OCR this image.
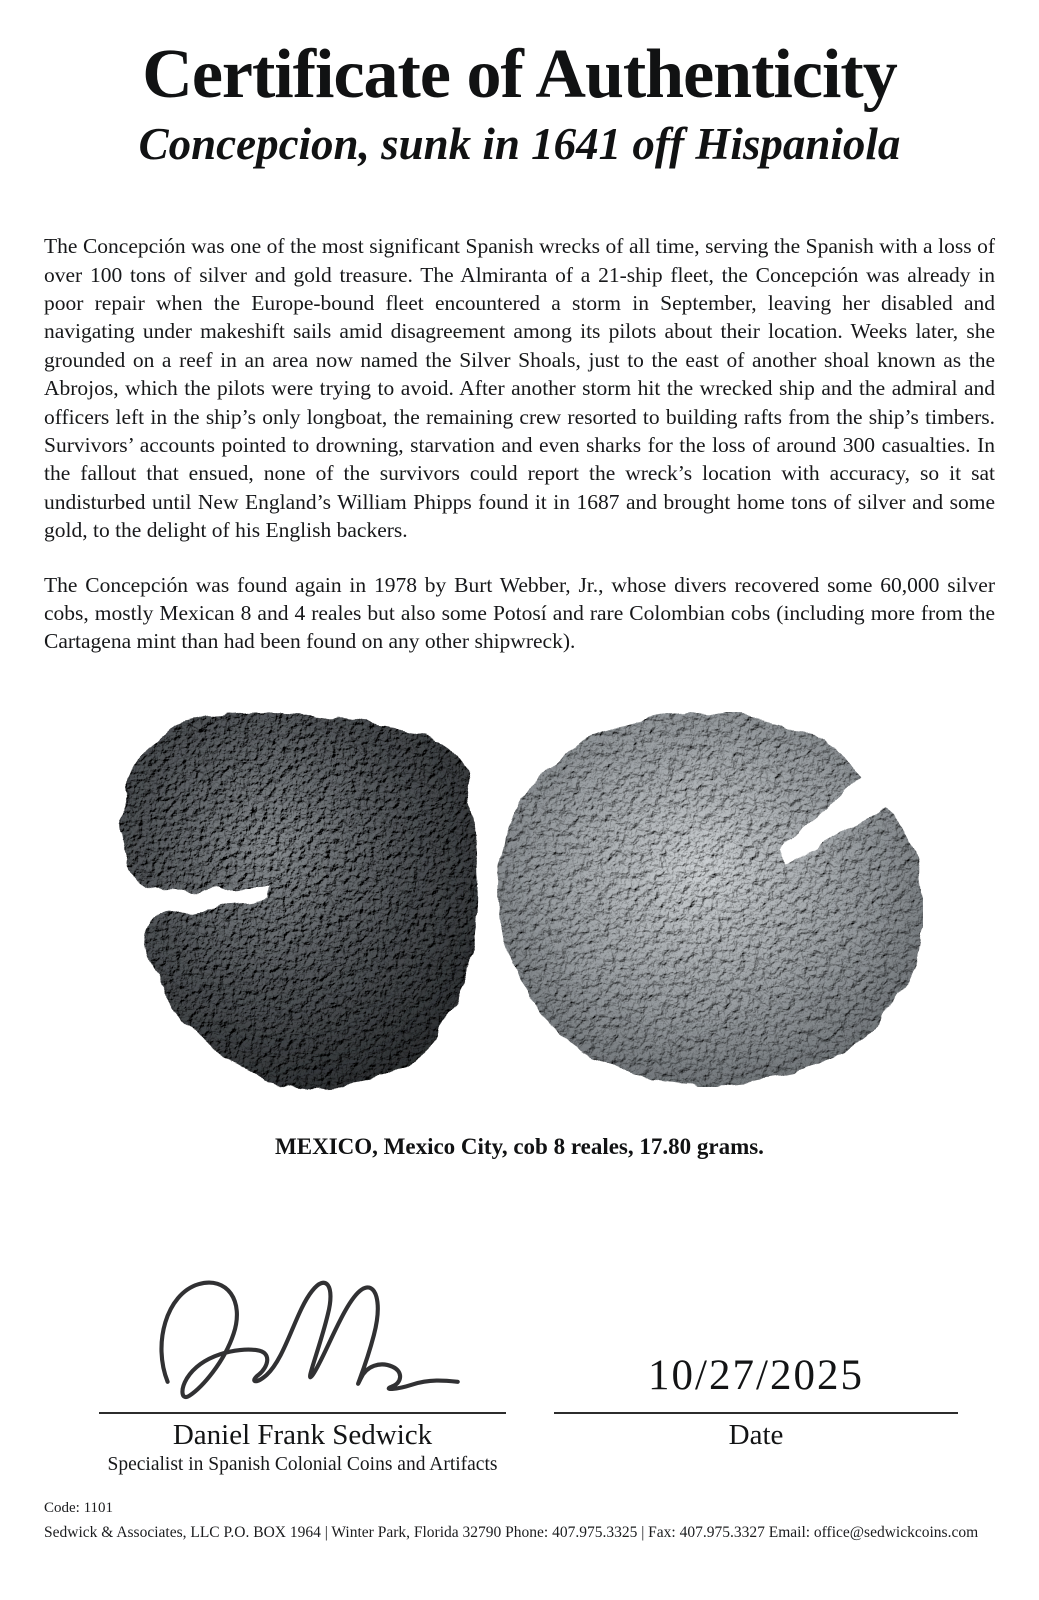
Certificate of Authenticity
Concepcion, sunk in 1641 off Hispaniola

The Concepción was one of the most significant Spanish wrecks of all time, serving the Spanish with a loss of over 100 tons of silver and gold treasure. The Almiranta of a 21-ship fleet, the Concepción was already in poor repair when the Europe-bound fleet encountered a storm in September, leaving her disabled and navigating under makeshift sails amid disagreement among its pilots about their location. Weeks later, she grounded on a reef in an area now named the Silver Shoals, just to the east of another shoal known as the Abrojos, which the pilots were trying to avoid. After another storm hit the wrecked ship and the admiral and officers left in the ship’s only longboat, the remaining crew resorted to building rafts from the ship’s timbers. Survivors’ accounts pointed to drowning, starvation and even sharks for the loss of around 300 casualties. In the fallout that ensued, none of the survivors could report the wreck’s location with accuracy, so it sat undisturbed until New England’s William Phipps found it in 1687 and brought home tons of silver and some gold, to the delight of his English backers.

The Concepción was found again in 1978 by Burt Webber, Jr., whose divers recovered some 60,000 silver cobs, mostly Mexican 8 and 4 reales but also some Potosí and rare Colombian cobs (including more from the Cartagena mint than had been found on any other shipwreck).

MEXICO, Mexico City, cob 8 reales, 17.80 grams.
Daniel Frank Sedwick
Specialist in Spanish Colonial Coins and Artifacts
10/27/2025
Date
Code: 1101
Sedwick & Associates, LLC P.O. BOX 1964 | Winter Park, Florida 32790 Phone: 407.975.3325 | Fax: 407.975.3327 Email: office@sedwickcoins.com
